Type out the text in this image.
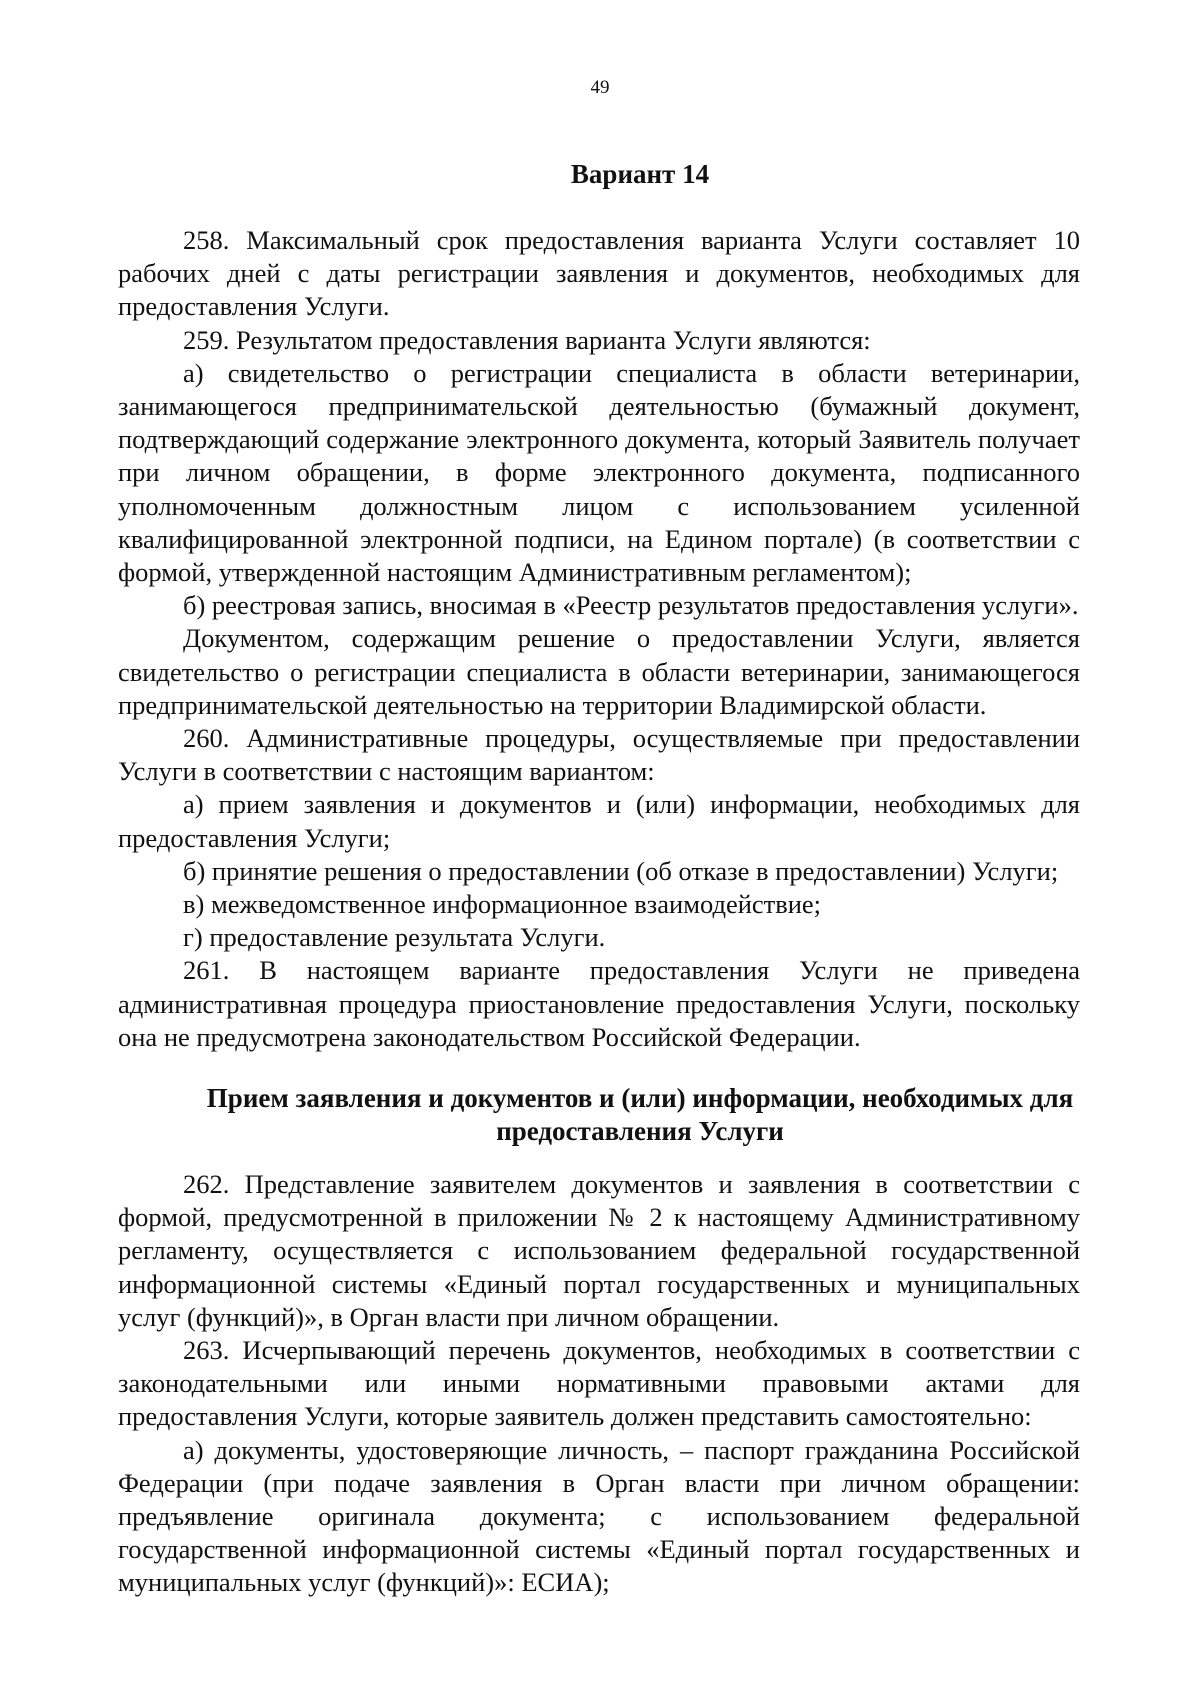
49
Вариант 14

258. Максимальный срок предоставления варианта Услуги составляет 10 рабочих дней с даты регистрации заявления и документов, необходимых для предоставления Услуги.

259. Результатом предоставления варианта Услуги являются:

а) свидетельство о регистрации специалиста в области ветеринарии, занимающегося предпринимательской деятельностью (бумажный документ, подтверждающий содержание электронного документа, который Заявитель получает при личном обращении, в форме электронного документа, подписанного уполномоченным должностным лицом с использованием усиленной квалифицированной электронной подписи, на Едином портале) (в соответствии с формой, утвержденной настоящим Административным регламентом);

б) реестровая запись, вносимая в «Реестр результатов предоставления услуги».

Документом, содержащим решение о предоставлении Услуги, является свидетельство о регистрации специалиста в области ветеринарии, занимающегося предпринимательской деятельностью на территории Владимирской области.

260. Административные процедуры, осуществляемые при предоставлении Услуги в соответствии с настоящим вариантом:

а) прием заявления и документов и (или) информации, необходимых для предоставления Услуги;

б) принятие решения о предоставлении (об отказе в предоставлении) Услуги;

в) межведомственное информационное взаимодействие;

г) предоставление результата Услуги.

261. В настоящем варианте предоставления Услуги не приведена административная процедура приостановление предоставления Услуги, поскольку она не предусмотрена законодательством Российской Федерации.

Прием заявления и документов и (или) информации, необходимых для
предоставления Услуги

262. Представление заявителем документов и заявления в соответствии с формой, предусмотренной в приложении № 2 к настоящему Административному регламенту, осуществляется с использованием федеральной государственной информационной системы «Единый портал государственных и муниципальных услуг (функций)», в Орган власти при личном обращении.

263. Исчерпывающий перечень документов, необходимых в соответствии с законодательными или иными нормативными правовыми актами для предоставления Услуги, которые заявитель должен представить самостоятельно:

а) документы, удостоверяющие личность, – паспорт гражданина Российской Федерации (при подаче заявления в Орган власти при личном обращении: предъявление оригинала документа; с использованием федеральной государственной информационной системы «Единый портал государственных и муниципальных услуг (функций)»: ЕСИА);
